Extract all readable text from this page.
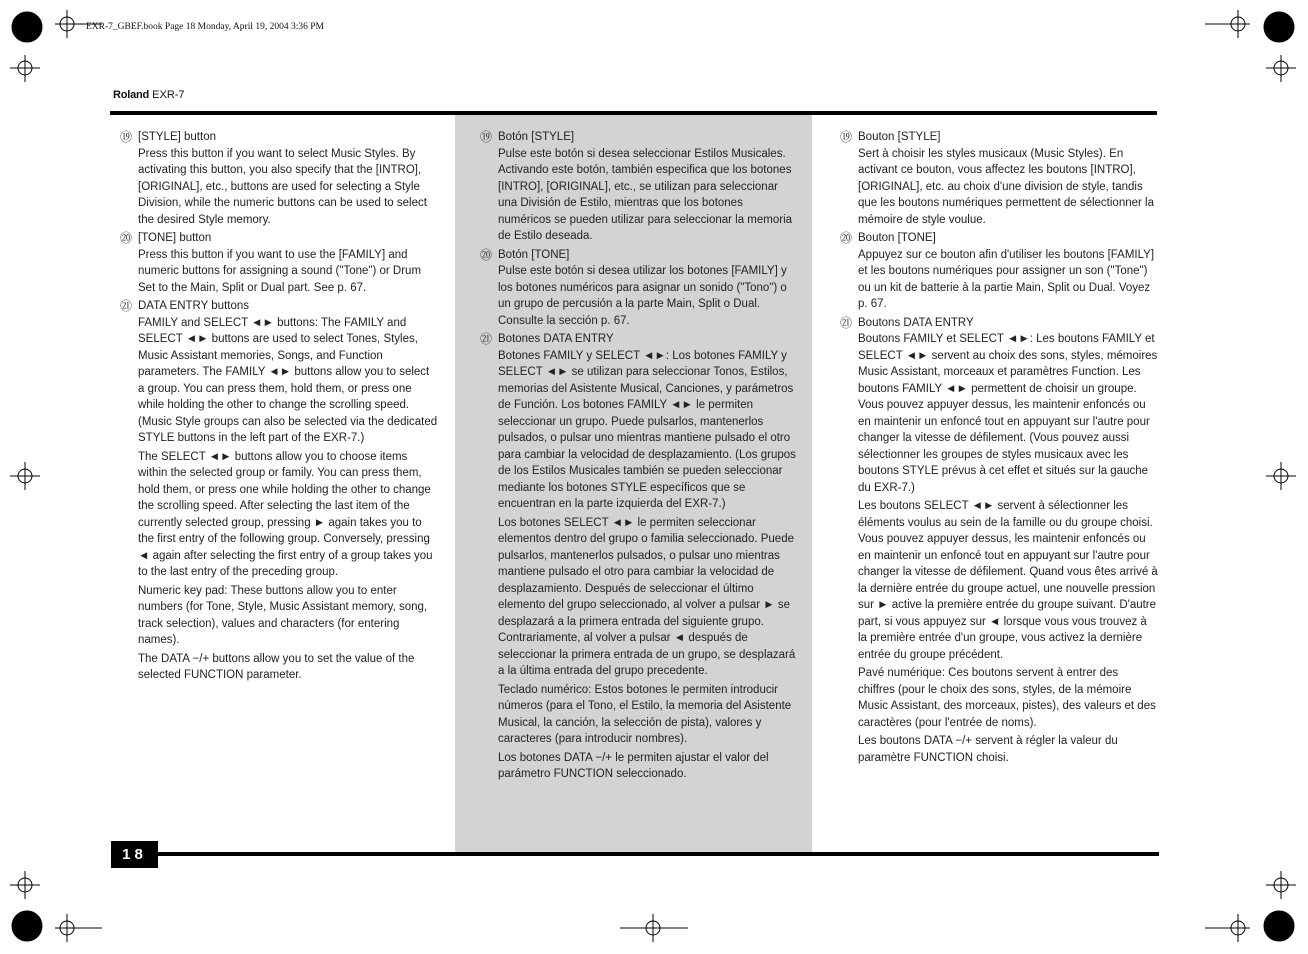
EXR-7_GBEF.book Page 18 Monday, April 19, 2004 3:36 PM
Roland EXR-7
⑲ [STYLE] button
Press this button if you want to select Music Styles. By activating this button, you also specify that the [INTRO], [ORIGINAL], etc., buttons are used for selecting a Style Division, while the numeric buttons can be used to select the desired Style memory.
⑳ [TONE] button
Press this button if you want to use the [FAMILY] and numeric buttons for assigning a sound ("Tone") or Drum Set to the Main, Split or Dual part. See p. 67.
㉑ DATA ENTRY buttons
FAMILY and SELECT ◄► buttons: The FAMILY and SELECT ◄► buttons are used to select Tones, Styles, Music Assistant memories, Songs, and Function parameters. The FAMILY ◄► buttons allow you to select a group. You can press them, hold them, or press one while holding the other to change the scrolling speed. (Music Style groups can also be selected via the dedicated STYLE buttons in the left part of the EXR-7.)
The SELECT ◄► buttons allow you to choose items within the selected group or family. You can press them, hold them, or press one while holding the other to change the scrolling speed. After selecting the last item of the currently selected group, pressing ► again takes you to the first entry of the following group. Conversely, pressing ◄ again after selecting the first entry of a group takes you to the last entry of the preceding group.
Numeric key pad: These buttons allow you to enter numbers (for Tone, Style, Music Assistant memory, song, track selection), values and characters (for entering names).
The DATA −/+ buttons allow you to set the value of the selected FUNCTION parameter.
⑲ Botón [STYLE]
Pulse este botón si desea seleccionar Estilos Musicales. Activando este botón, también especifica que los botones [INTRO], [ORIGINAL], etc., se utilizan para seleccionar una División de Estilo, mientras que los botones numéricos se pueden utilizar para seleccionar la memoria de Estilo deseada.
⑳ Botón [TONE]
Pulse este botón si desea utilizar los botones [FAMILY] y los botones numéricos para asignar un sonido ("Tono") o un grupo de percusión a la parte Main, Split o Dual. Consulte la sección p. 67.
㉑ Botones DATA ENTRY
Botones FAMILY y SELECT ◄►: Los botones FAMILY y SELECT ◄► se utilizan para seleccionar Tonos, Estilos, memorias del Asistente Musical, Canciones, y parámetros de Función. Los botones FAMILY ◄► le permiten seleccionar un grupo. Puede pulsarlos, mantenerlos pulsados, o pulsar uno mientras mantiene pulsado el otro para cambiar la velocidad de desplazamiento. (Los grupos de los Estilos Musicales también se pueden seleccionar mediante los botones STYLE específicos que se encuentran en la parte izquierda del EXR-7.)
Los botones SELECT ◄► le permiten seleccionar elementos dentro del grupo o familia seleccionado. Puede pulsarlos, mantenerlos pulsados, o pulsar uno mientras mantiene pulsado el otro para cambiar la velocidad de desplazamiento. Después de seleccionar el último elemento del grupo seleccionado, al volver a pulsar ► se desplazará a la primera entrada del siguiente grupo. Contrariamente, al volver a pulsar ◄ después de seleccionar la primera entrada de un grupo, se desplazará a la última entrada del grupo precedente.
Teclado numérico: Estos botones le permiten introducir números (para el Tono, el Estilo, la memoria del Asistente Musical, la canción, la selección de pista), valores y caracteres (para introducir nombres).
Los botones DATA −/+ le permiten ajustar el valor del parámetro FUNCTION seleccionado.
⑲ Bouton [STYLE]
Sert à choisir les styles musicaux (Music Styles). En activant ce bouton, vous affectez les boutons [INTRO], [ORIGINAL], etc. au choix d'une division de style, tandis que les boutons numériques permettent de sélectionner la mémoire de style voulue.
⑳ Bouton [TONE]
Appuyez sur ce bouton afin d'utiliser les boutons [FAMILY] et les boutons numériques pour assigner un son ("Tone") ou un kit de batterie à la partie Main, Split ou Dual. Voyez p. 67.
㉑ Boutons DATA ENTRY
Boutons FAMILY et SELECT ◄►: Les boutons FAMILY et SELECT ◄► servent au choix des sons, styles, mémoires Music Assistant, morceaux et paramètres Function. Les boutons FAMILY ◄► permettent de choisir un groupe. Vous pouvez appuyer dessus, les maintenir enfoncés ou en maintenir un enfoncé tout en appuyant sur l'autre pour changer la vitesse de défilement. (Vous pouvez aussi sélectionner les groupes de styles musicaux avec les boutons STYLE prévus à cet effet et situés sur la gauche du EXR-7.)
Les boutons SELECT ◄► servent à sélectionner les éléments voulus au sein de la famille ou du groupe choisi. Vous pouvez appuyer dessus, les maintenir enfoncés ou en maintenir un enfoncé tout en appuyant sur l'autre pour changer la vitesse de défilement. Quand vous êtes arrivé à la dernière entrée du groupe actuel, une nouvelle pression sur ► active la première entrée du groupe suivant. D'autre part, si vous appuyez sur ◄ lorsque vous vous trouvez à la première entrée d'un groupe, vous activez la dernière entrée du groupe précédent.
Pavé numérique: Ces boutons servent à entrer des chiffres (pour le choix des sons, styles, de la mémoire Music Assistant, des morceaux, pistes), des valeurs et des caractères (pour l'entrée de noms).
Les boutons DATA −/+ servent à régler la valeur du paramètre FUNCTION choisi.
18
